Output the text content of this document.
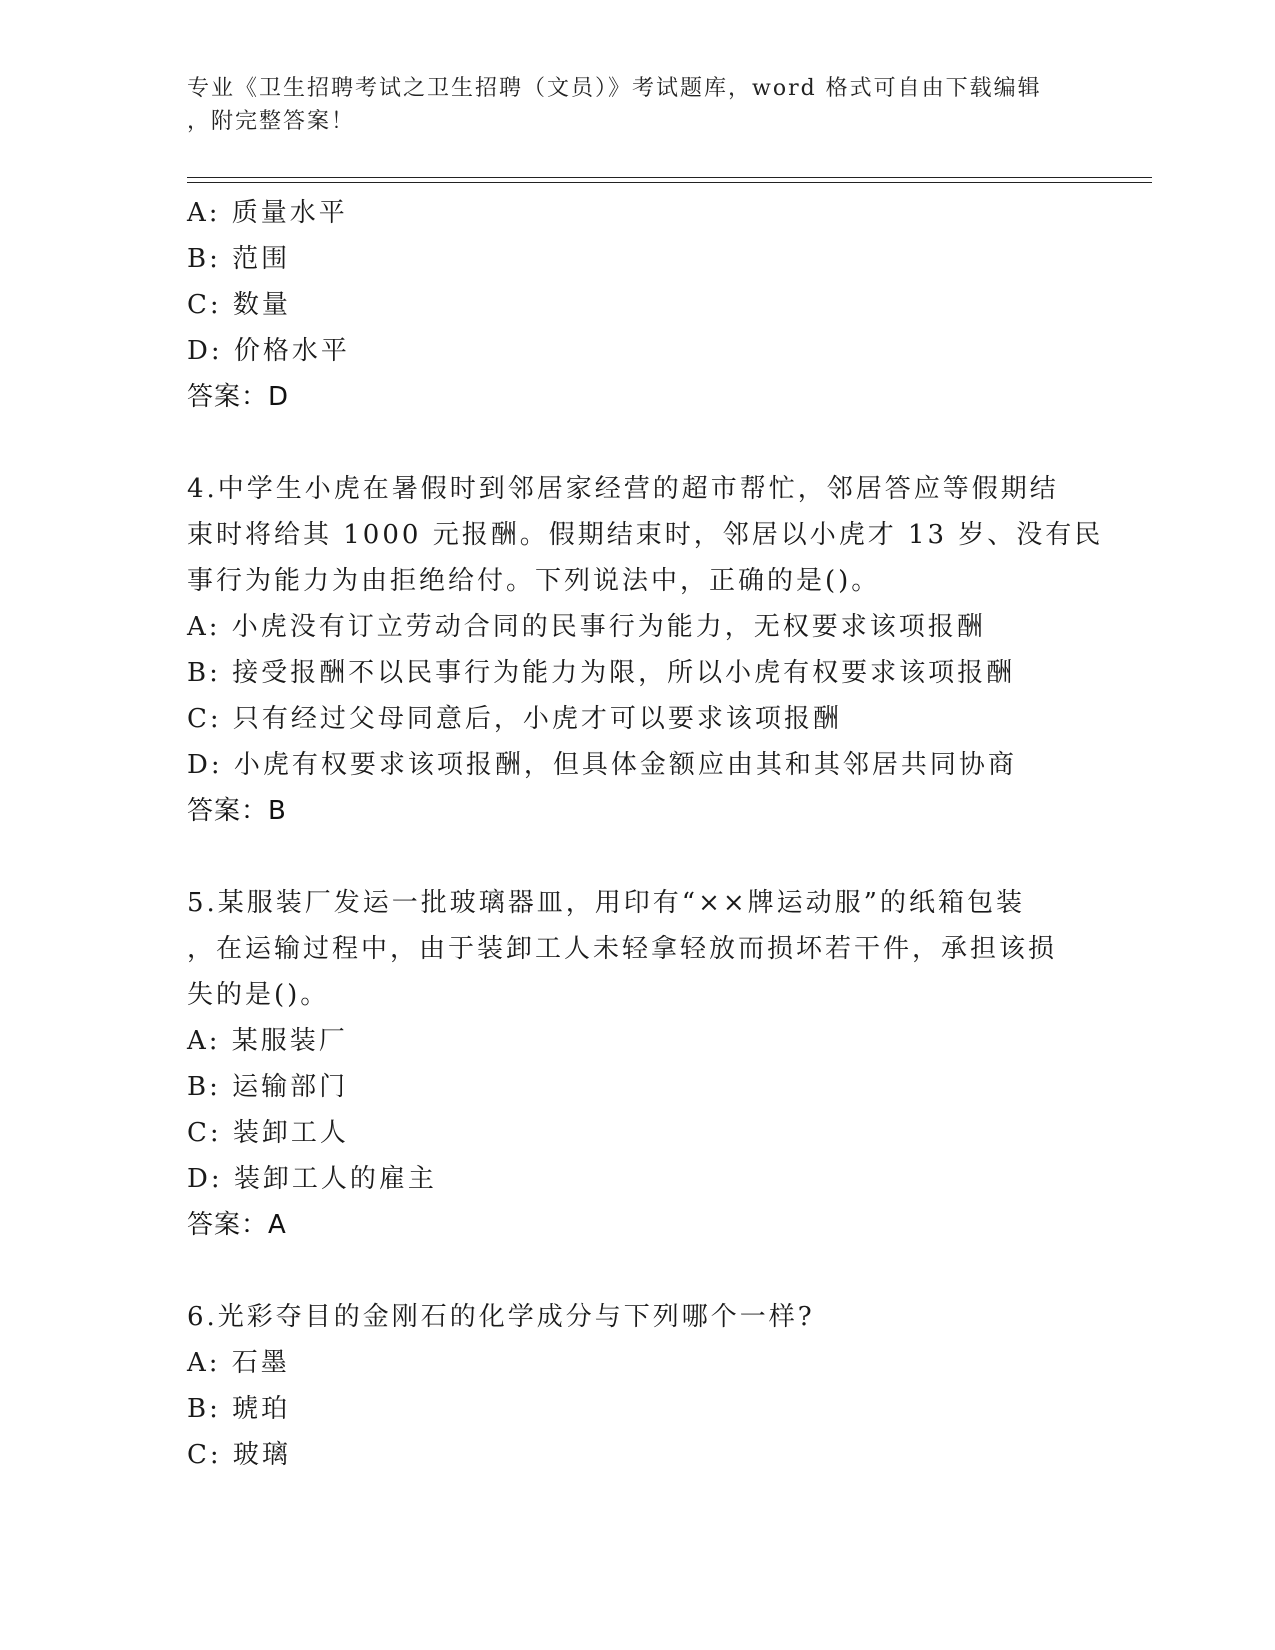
专业《卫生招聘考试之卫生招聘（文员）》考试题库，word 格式可自由下载编辑
，附完整答案！
A: 质量水平
B: 范围
C: 数量
D: 价格水平
答案：D
4.中学生小虎在暑假时到邻居家经营的超市帮忙，邻居答应等假期结
束时将给其 1000 元报酬。假期结束时，邻居以小虎才 13 岁、没有民
事行为能力为由拒绝给付。下列说法中，正确的是()。
A: 小虎没有订立劳动合同的民事行为能力，无权要求该项报酬
B: 接受报酬不以民事行为能力为限，所以小虎有权要求该项报酬
C: 只有经过父母同意后，小虎才可以要求该项报酬
D: 小虎有权要求该项报酬，但具体金额应由其和其邻居共同协商
答案：B
5.某服装厂发运一批玻璃器皿，用印有“××牌运动服”的纸箱包装
，在运输过程中，由于装卸工人未轻拿轻放而损坏若干件，承担该损
失的是()。
A: 某服装厂
B: 运输部门
C: 装卸工人
D: 装卸工人的雇主
答案：A
6.光彩夺目的金刚石的化学成分与下列哪个一样?
A: 石墨
B: 琥珀
C: 玻璃
